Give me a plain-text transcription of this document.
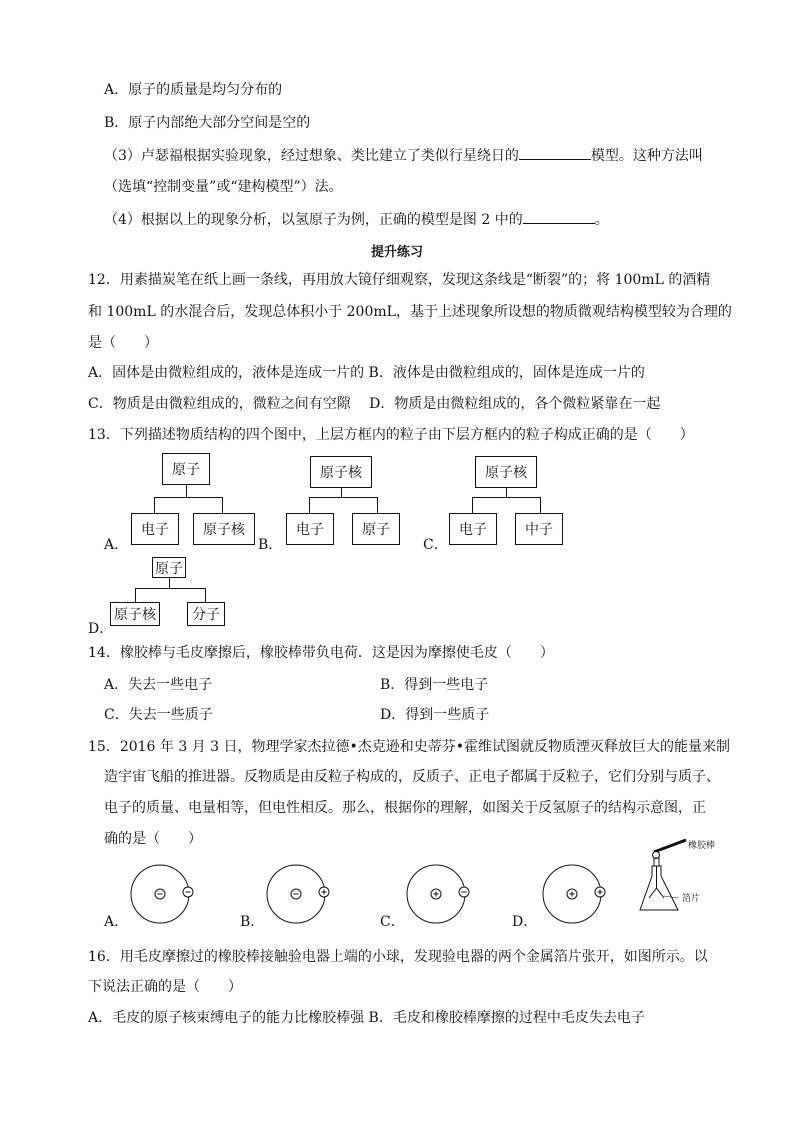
A．原子的质量是均匀分布的
B．原子内部绝大部分空间是空的
（3）卢瑟福根据实验现象，经过想象、类比建立了类似行星绕日的	模型。这种方法叫
（选填“控制变量”或“建构模型”）法。
（4）根据以上的现象分析，以氢原子为例，正确的模型是图 2 中的	。
提升练习
12．用素描炭笔在纸上画一条线，再用放大镜仔细观察，发现这条线是“断裂”的；将 100mL 的酒精
和 100mL 的水混合后，发现总体积小于 200mL，基于上述现象所设想的物质微观结构模型较为合理的
是（　　）
A．固体是由微粒组成的，液体是连成一片的 B．液体是由微粒组成的，固体是连成一片的
C．物质是由微粒组成的，微粒之间有空隙　 D．物质是由微粒组成的，各个微粒紧靠在一起
13．下列描述物质结构的四个图中，上层方框内的粒子由下层方框内的粒子构成正确的是（　　）
原子
电子	原子核
A．
原子核
电子	原子
B．
原子核
电子	中子
C．
原子
原子核	分子
D．
14．橡胶棒与毛皮摩擦后，橡胶棒带负电荷．这是因为摩擦使毛皮（　　）
A．失去一些电子	B．得到一些电子
C．失去一些质子	D．得到一些质子
15．2016 年 3 月 3 日，物理学家杰拉德•杰克逊和史蒂芬•霍维试图就反物质湮灭释放巨大的能量来制
造宇宙飞船的推进器。反物质是由反粒子构成的，反质子、正电子都属于反粒子，它们分别与质子、
电子的质量、电量相等，但电性相反。那么，根据你的理解，如图关于反氢原子的结构示意图，正
确的是（　　）
A．	B．	C．	D．
橡胶棒
箔片
16．用毛皮摩擦过的橡胶棒接触验电器上端的小球，发现验电器的两个金属箔片张开，如图所示。以
下说法正确的是（　　）
A．毛皮的原子核束缚电子的能力比橡胶棒强 B．毛皮和橡胶棒摩擦的过程中毛皮失去电子
